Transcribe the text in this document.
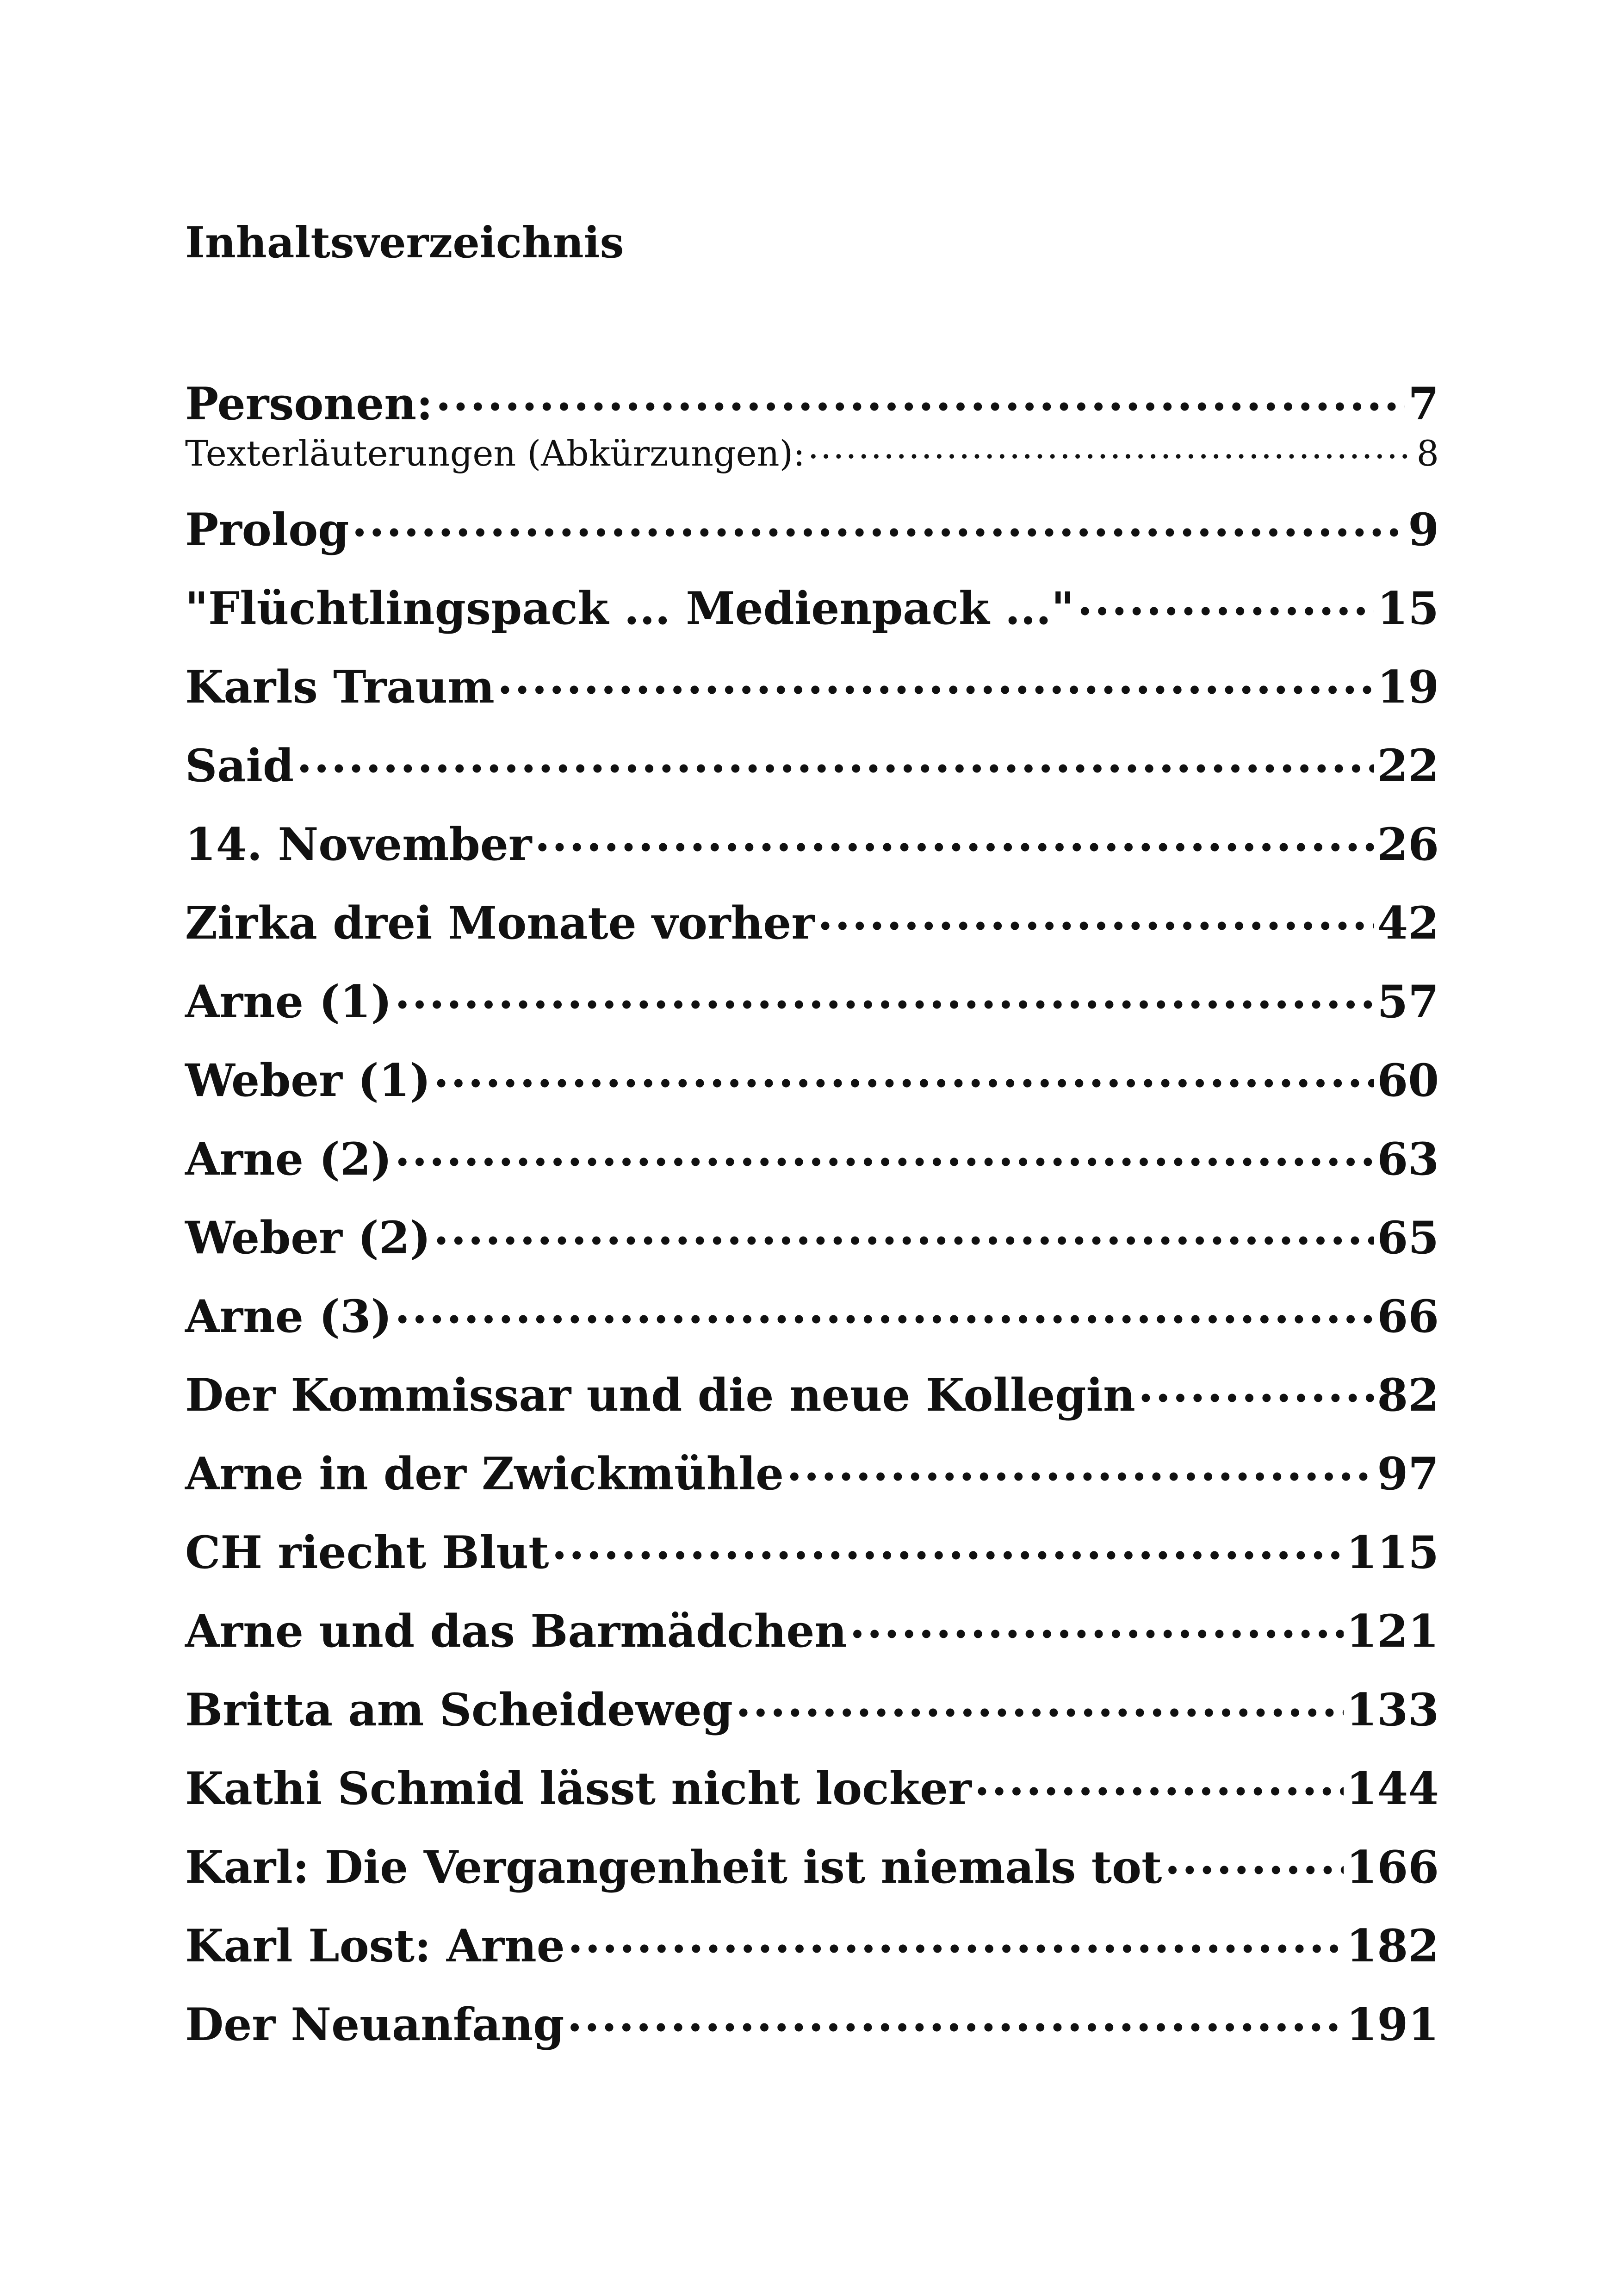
Inhaltsverzeichnis
Personen: .....	7
Texterläuterungen (Abkürzungen): .....	8
Prolog .....	9
"Flüchtlingspack ... Medienpack ..." .....	15
Karls Traum .....	19
Said .....	22
14. November .....	26
Zirka drei Monate vorher .....	42
Arne (1) .....	57
Weber (1) .....	60
Arne (2) .....	63
Weber (2) .....	65
Arne (3) .....	66
Der Kommissar und die neue Kollegin .....	82
Arne in der Zwickmühle .....	97
CH riecht Blut .....	115
Arne und das Barmädchen .....	121
Britta am Scheideweg .....	133
Kathi Schmid lässt nicht locker .....	144
Karl: Die Vergangenheit ist niemals tot .....	166
Karl Lost: Arne .....	182
Der Neuanfang .....	191
